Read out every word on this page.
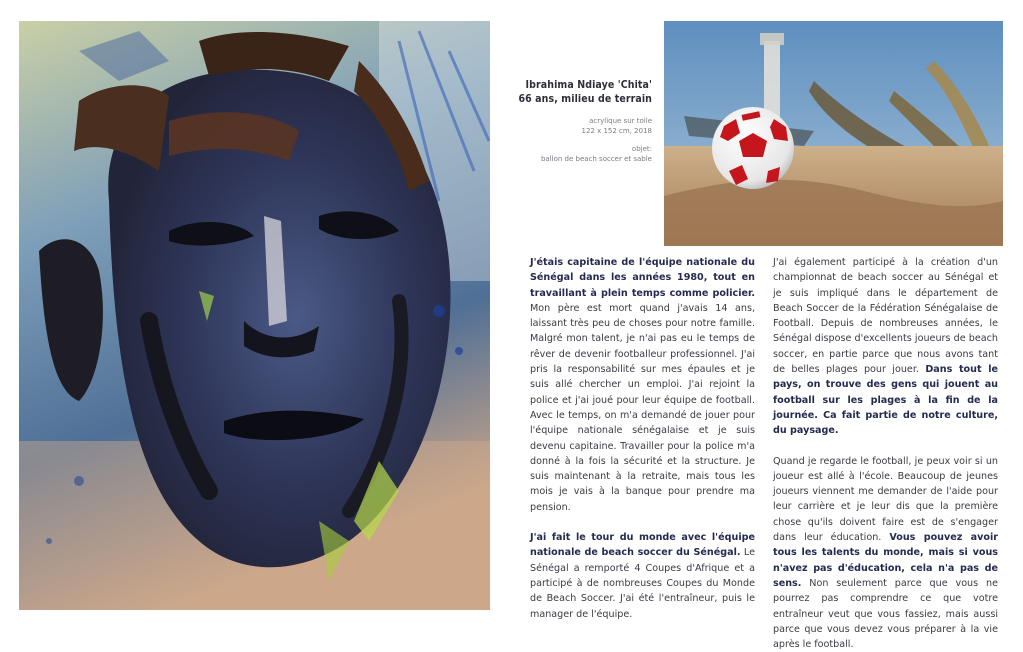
Ibrahima Ndiaye 'Chita'
66 ans, milieu de terrain
acrylique sur toile
122 x 152 cm, 2018
objet:
ballon de beach soccer et sable

J'étais capitaine de l'équipe nationale du Sénégal dans les années 1980, tout en travaillant à plein temps comme policier. Mon père est mort quand j'avais 14 ans, laissant très peu de choses pour notre famille. Malgré mon talent, je n'ai pas eu le temps de rêver de devenir footballeur professionnel. J'ai pris la responsabilité sur mes épaules et je suis allé chercher un emploi. J'ai rejoint la police et j'ai joué pour leur équipe de football. Avec le temps, on m'a demandé de jouer pour l'équipe nationale sénégalaise et je suis devenu capitaine. Travailler pour la police m'a donné à la fois la sécurité et la structure. Je suis maintenant à la retraite, mais tous les mois je vais à la banque pour prendre ma pension.

J'ai fait le tour du monde avec l'équipe nationale de beach soccer du Sénégal. Le Sénégal a remporté 4 Coupes d'Afrique et a participé à de nombreuses Coupes du Monde de Beach Soccer. J'ai été l'entraîneur, puis le manager de l'équipe.

J'ai également participé à la création d'un championnat de beach soccer au Sénégal et je suis impliqué dans le département de Beach Soccer de la Fédération Sénégalaise de Football. Depuis de nombreuses années, le Sénégal dispose d'excellents joueurs de beach soccer, en partie parce que nous avons tant de belles plages pour jouer. Dans tout le pays, on trouve des gens qui jouent au football sur les plages à la fin de la journée. Ca fait partie de notre culture, du paysage.

Quand je regarde le football, je peux voir si un joueur est allé à l'école. Beaucoup de jeunes joueurs viennent me demander de l'aide pour leur carrière et je leur dis que la première chose qu'ils doivent faire est de s'engager dans leur éducation. Vous pouvez avoir tous les talents du monde, mais si vous n'avez pas d'éducation, cela n'a pas de sens. Non seulement parce que vous ne pourrez pas comprendre ce que votre entraîneur veut que vous fassiez, mais aussi parce que vous devez vous préparer à la vie après le football.
